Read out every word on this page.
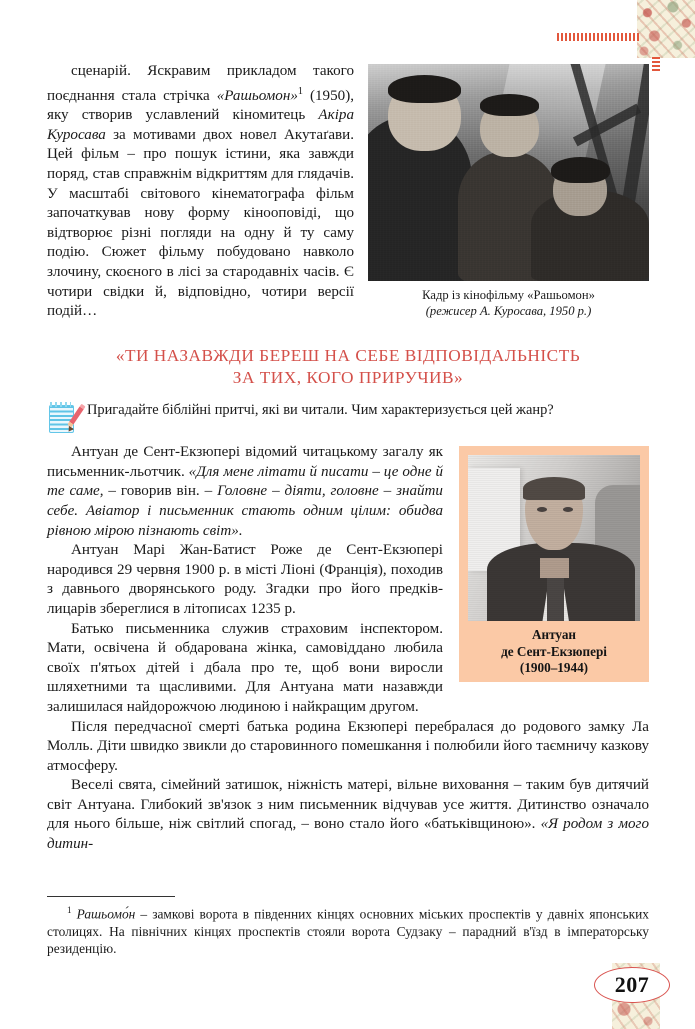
207
Кадр із кінофільму «Рашьомон»
(режисер А. Куросава, 1950 р.)

сценарій. Яскравим прикладом такого поєднання стала стрічка «Рашьомон»$^1$ (1950), яку створив уславлений кіномитець Акіра Куросава за мотивами двох новел Акутаґави. Цей фільм – про пошук істини, яка завжди поряд, став справжнім відкриттям для глядачів. У масштабі світового кінематографа фільм започаткував нову форму кінооповіді, що відтворює різні погляди на одну й ту саму подію. Сюжет фільму побудовано навколо злочину, скоєного в лісі за стародавніх часів. Є чотири свідки й, відповідно, чотири версії подій…

«ТИ НАЗАВЖДИ БЕРЕШ НА СЕБЕ ВІДПОВІДАЛЬНІСТЬ
ЗА ТИХ, КОГО ПРИРУЧИВ»

Пригадайте біблійні притчі, які ви читали. Чим характеризується цей жанр?

Антуан
де Сент-Екзюпері
(1900–1944)

Антуан де Сент-Екзюпері відомий читацькому загалу як письменник-льотчик. «Для мене літати й писати – це одне й те саме, – говорив він. – Головне – діяти, головне – знайти себе. Авіатор і письменник стають одним цілим: обидва рівною мірою пізнають світ».

Антуан Марі Жан-Батист Роже де Сент-Екзюпері народився 29 червня 1900 р. в місті Ліоні (Франція), походив з давнього дворянського роду. Згадки про його предків-лицарів збереглися в літописах 1235 р.

Батько письменника служив страховим інспектором. Мати, освічена й обдарована жінка, самовіддано любила своїх п'ятьох дітей і дбала про те, щоб вони виросли шляхетними та щасливими. Для Антуана мати назавжди залишилася найдорожчою людиною і найкращим другом.

Після передчасної смерті батька родина Екзюпері перебралася до родового замку Ла Молль. Діти швидко звикли до старовинного помешкання і полюбили його таємничу казкову атмосферу.

Веселі свята, сімейний затишок, ніжність матері, вільне виховання – таким був дитячий світ Антуана. Глибокий зв'язок з ним письменник відчував усе життя. Дитинство означало для нього більше, ніж світлий спогад, – воно стало його «батьківщиною». «Я родом з мого дитин-

$^1$ Рашьомо́н – замкові ворота в південних кінцях основних міських проспектів у давніх японських столицях. На північних кінцях проспектів стояли ворота Судзаку – парадний в'їзд в імператорську резиденцію.
